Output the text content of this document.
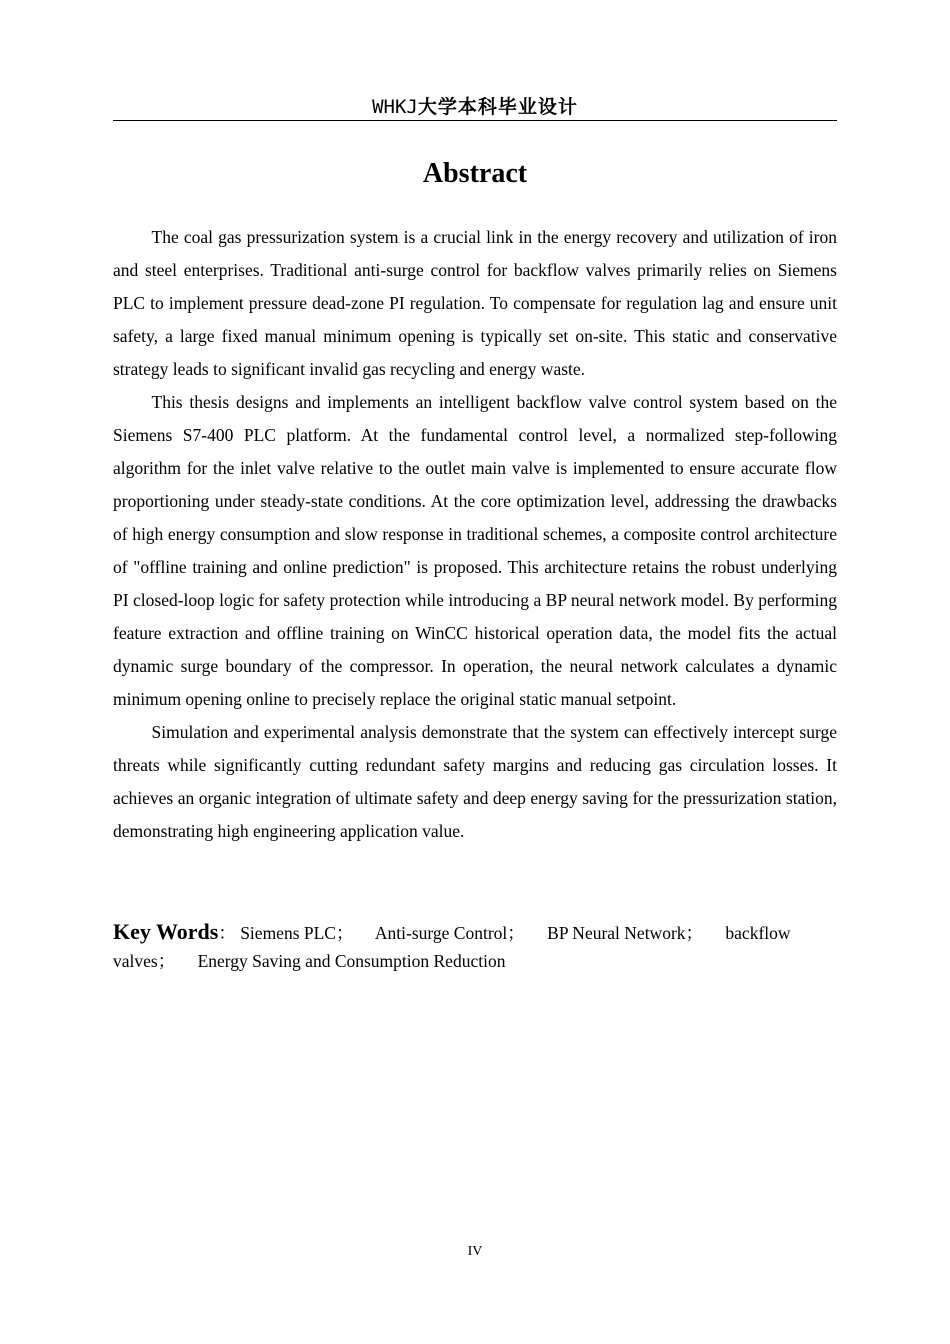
WHKJ大学本科毕业设计
Abstract

The coal gas pressurization system is a crucial link in the energy recovery and utilization of iron and steel enterprises. Traditional anti-surge control for backflow valves primarily relies on Siemens PLC to implement pressure dead-zone PI regulation. To compensate for regulation lag and ensure unit safety, a large fixed manual minimum opening is typically set on-site. This static and conservative strategy leads to significant invalid gas recycling and energy waste.

This thesis designs and implements an intelligent backflow valve control system based on the Siemens S7-400 PLC platform. At the fundamental control level, a normalized step-following algorithm for the inlet valve relative to the outlet main valve is implemented to ensure accurate flow proportioning under steady-state conditions. At the core optimization level, addressing the drawbacks of high energy consumption and slow response in traditional schemes, a composite control architecture of "offline training and online prediction" is proposed. This architecture retains the robust underlying PI closed-loop logic for safety protection while introducing a BP neural network model. By performing feature extraction and offline training on WinCC historical operation data, the model fits the actual dynamic surge boundary of the compressor. In operation, the neural network calculates a dynamic minimum opening online to precisely replace the original static manual setpoint.

Simulation and experimental analysis demonstrate that the system can effectively intercept surge threats while significantly cutting redundant safety margins and reducing gas circulation losses. It achieves an organic integration of ultimate safety and deep energy saving for the pressurization station, demonstrating high engineering application value.

Key Words： Siemens PLC； Anti-surge Control； BP Neural Network； backflow valves； Energy Saving and Consumption Reduction
IV
